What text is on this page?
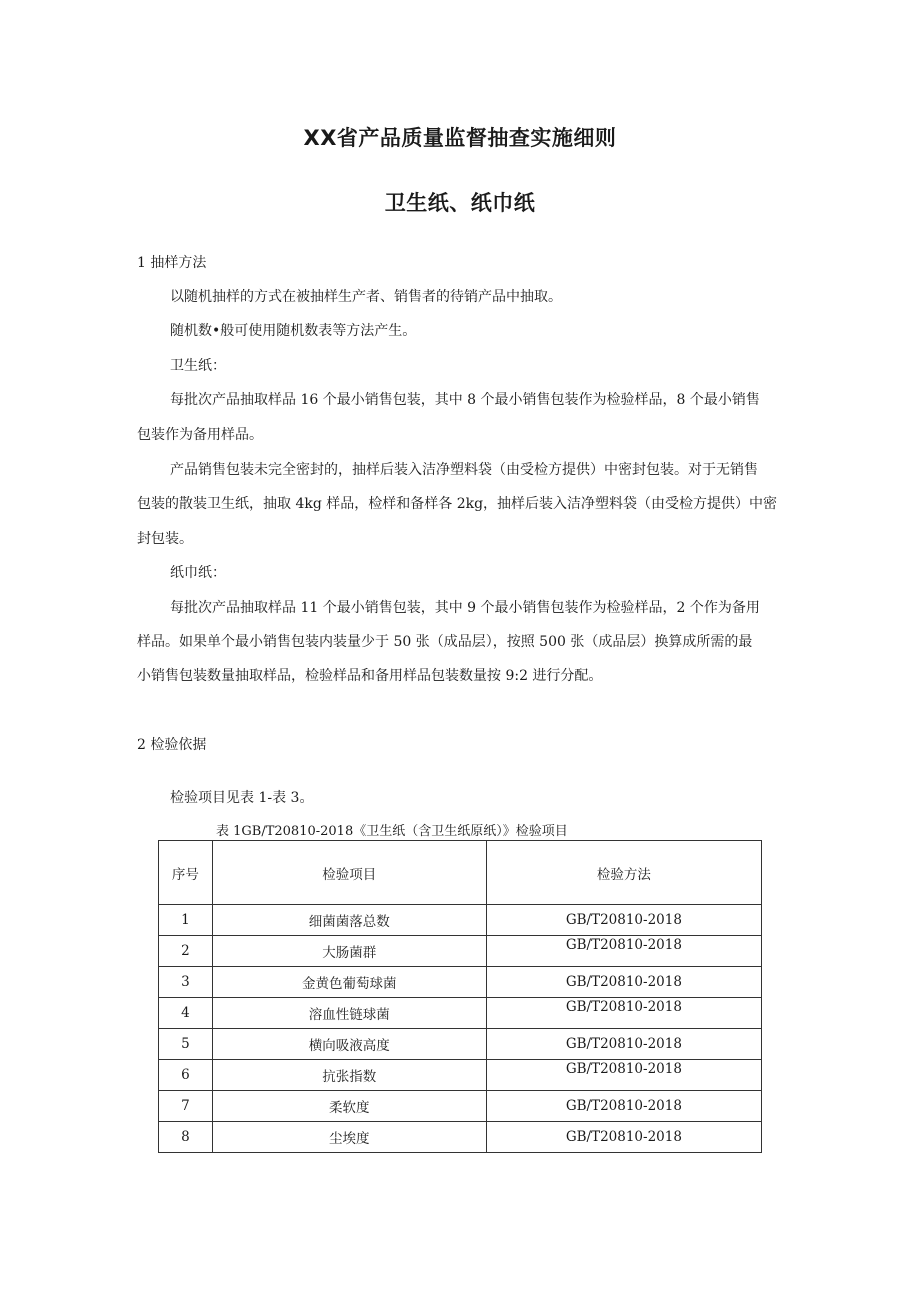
XX省产品质量监督抽查实施细则
卫生纸、纸巾纸
1 抽样方法
以随机抽样的方式在被抽样生产者、销售者的待销产品中抽取。
随机数•般可使用随机数表等方法产生。
卫生纸：
每批次产品抽取样品 16 个最小销售包装，其中 8 个最小销售包装作为检验样品，8 个最小销售
包装作为备用样品。
产品销售包装未完全密封的，抽样后装入洁净塑料袋（由受检方提供）中密封包装。对于无销售
包装的散装卫生纸，抽取 4kg 样品，检样和备样各 2kg，抽样后装入洁净塑料袋（由受检方提供）中密
封包装。
纸巾纸：
每批次产品抽取样品 11 个最小销售包装，其中 9 个最小销售包装作为检验样品，2 个作为备用
样品。如果单个最小销售包装内装量少于 50 张（成品层），按照 500 张（成品层）换算成所需的最
小销售包装数量抽取样品，检验样品和备用样品包装数量按 9:2 进行分配。
2 检验依据
检验项目见表 1-表 3。
表 1GB/T20810-2018《卫生纸（含卫生纸原纸）》检验项目
序号	检验项目	检验方法
1	细菌菌落总数	GB/T20810-2018
2	大肠菌群	GB/T20810-2018
3	金黄色葡萄球菌	GB/T20810-2018
4	溶血性链球菌	GB/T20810-2018
5	横向吸液高度	GB/T20810-2018
6	抗张指数	GB/T20810-2018
7	柔软度	GB/T20810-2018
8	尘埃度	GB/T20810-2018
